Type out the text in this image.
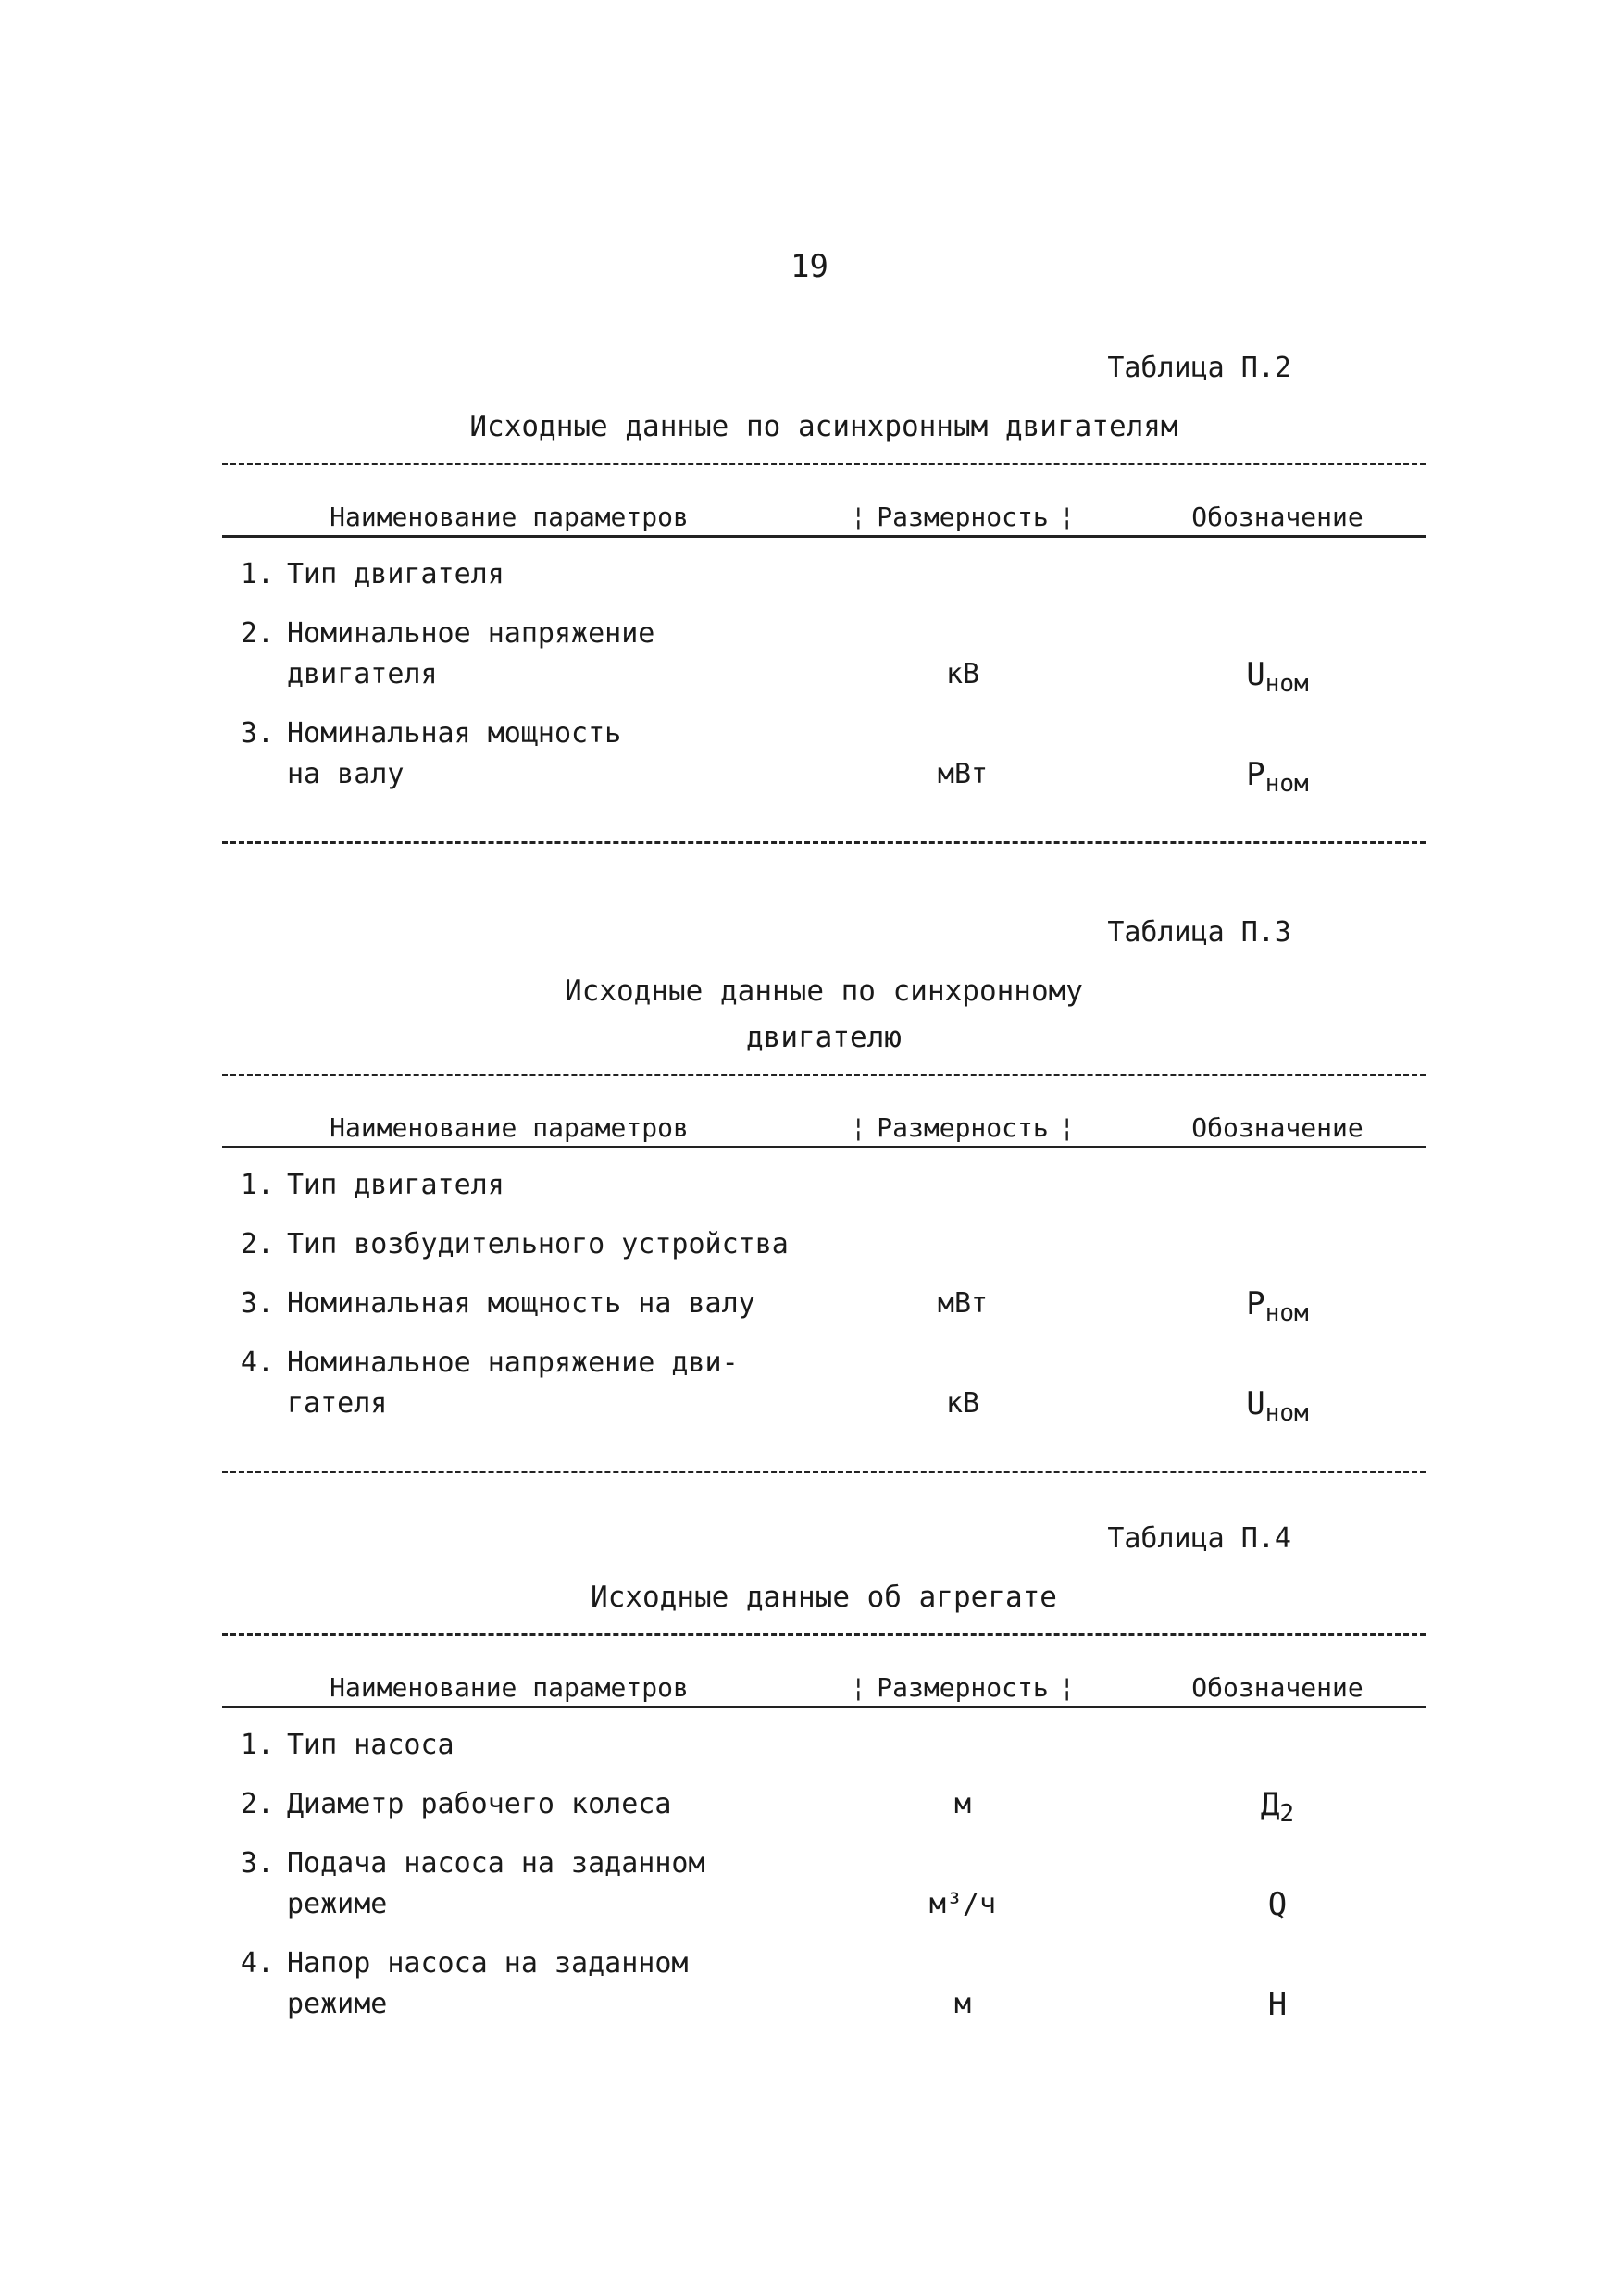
19
Таблица П.2
Исходные данные по асинхронным двигателям
Наименование параметров	¦ Размерность ¦	Обозначение
1. Тип двигателя
2. Номинальное напряжение
двигателя	кВ	U ном
3. Номинальная мощность
на валу	мВт	P ном
Таблица П.3
Исходные данные по синхронному
двигателю
Наименование параметров	¦ Размерность ¦	Обозначение
1. Тип двигателя
2. Тип возбудительного устройства
3. Номинальная мощность на валу	мВт	P ном
4. Номинальное напряжение дви-
гателя	кВ	U ном
Таблица П.4
Исходные данные об агрегате
Наименование параметров	¦ Размерность ¦	Обозначение
1. Тип насоса
2. Диаметр рабочего колеса	м	Д 2
3. Подача насоса на заданном
режиме	м³/ч	Q
4. Напор насоса на заданном
режиме	м	Н
